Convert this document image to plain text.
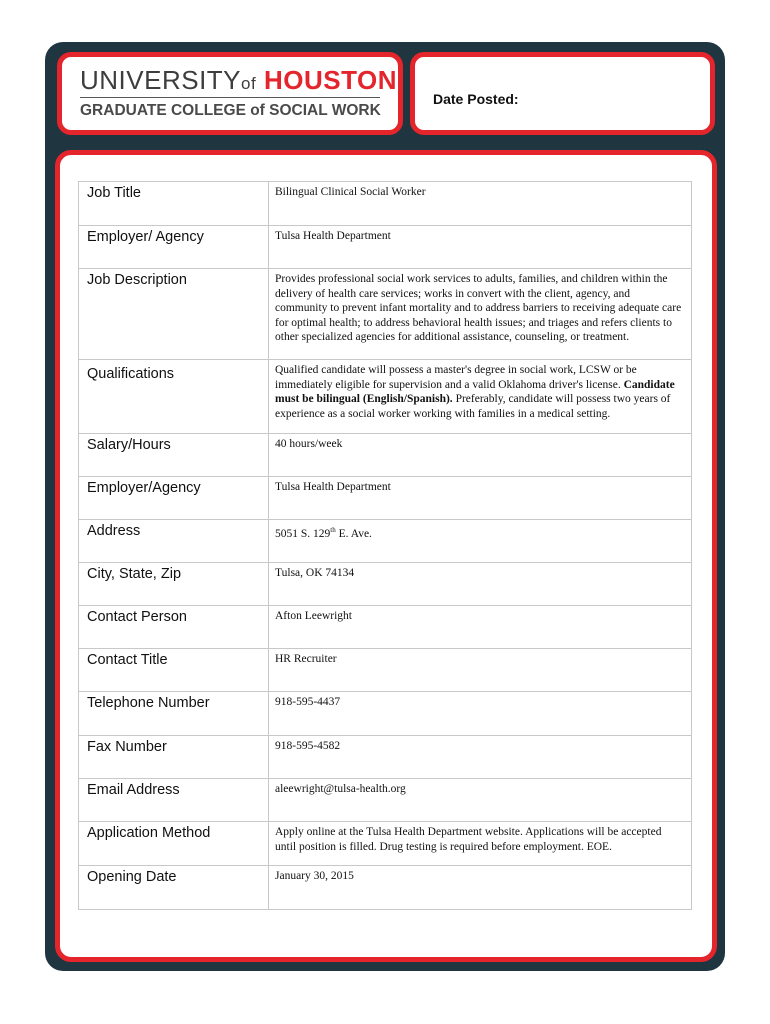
UNIVERSITYof HOUSTON
GRADUATE COLLEGE of SOCIAL WORK
Date Posted:
Job Title	Bilingual Clinical Social Worker
Employer/ Agency	Tulsa Health Department
Job Description	Provides professional social work services to adults, families, and children within the delivery of health care services; works in convert with the client, agency, and community to prevent infant mortality and to address barriers to receiving adequate care for optimal health; to address behavioral health issues; and triages and refers clients to other specialized agencies for additional assistance, counseling, or treatment.
Qualifications	Qualified candidate will possess a master's degree in social work, LCSW or be immediately eligible for supervision and a valid Oklahoma driver's license. Candidate must be bilingual (English/Spanish). Preferably, candidate will possess two years of experience as a social worker working with families in a medical setting.

Salary/Hours	40 hours/week
Employer/Agency	Tulsa Health Department
Address	5051 S. 129th E. Ave.
City, State, Zip	Tulsa, OK 74134
Contact Person	Afton Leewright
Contact Title	HR Recruiter
Telephone Number	918-595-4437
Fax Number	918-595-4582
Email Address	aleewright@tulsa-health.org
Application Method	Apply online at the Tulsa Health Department website. Applications will be accepted until position is filled. Drug testing is required before employment. EOE.
Opening Date	January 30, 2015
